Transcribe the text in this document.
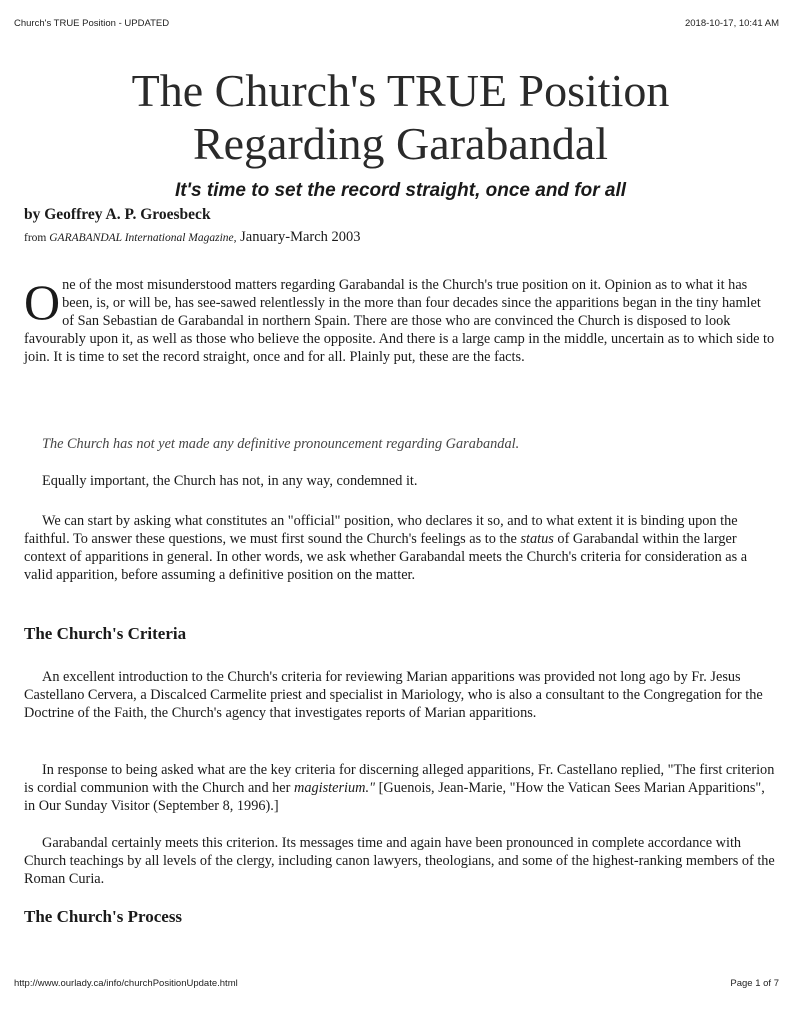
Church's TRUE Position - UPDATED	2018-10-17, 10:41 AM
The Church's TRUE Position
Regarding Garabandal
It's time to set the record straight, once and for all
by Geoffrey A. P. Groesbeck
from GARABANDAL International Magazine, January-March 2003

One of the most misunderstood matters regarding Garabandal is the Church's true position on it. Opinion as to what it has been, is, or will be, has see-sawed relentlessly in the more than four decades since the apparitions began in the tiny hamlet of San Sebastian de Garabandal in northern Spain. There are those who are convinced the Church is disposed to look favourably upon it, as well as those who believe the opposite. And there is a large camp in the middle, uncertain as to which side to join. It is time to set the record straight, once and for all. Plainly put, these are the facts.

The Church has not yet made any definitive pronouncement regarding Garabandal.

Equally important, the Church has not, in any way, condemned it.

We can start by asking what constitutes an "official" position, who declares it so, and to what extent it is binding upon the faithful. To answer these questions, we must first sound the Church's feelings as to the status of Garabandal within the larger context of apparitions in general. In other words, we ask whether Garabandal meets the Church's criteria for consideration as a valid apparition, before assuming a definitive position on the matter.

The Church's Criteria

An excellent introduction to the Church's criteria for reviewing Marian apparitions was provided not long ago by Fr. Jesus Castellano Cervera, a Discalced Carmelite priest and specialist in Mariology, who is also a consultant to the Congregation for the Doctrine of the Faith, the Church's agency that investigates reports of Marian apparitions.

In response to being asked what are the key criteria for discerning alleged apparitions, Fr. Castellano replied, "The first criterion is cordial communion with the Church and her magisterium." [Guenois, Jean-Marie, "How the Vatican Sees Marian Apparitions", in Our Sunday Visitor (September 8, 1996).]

Garabandal certainly meets this criterion. Its messages time and again have been pronounced in complete accordance with Church teachings by all levels of the clergy, including canon lawyers, theologians, and some of the highest-ranking members of the Roman Curia.

The Church's Process
http://www.ourlady.ca/info/churchPositionUpdate.html	Page 1 of 7
